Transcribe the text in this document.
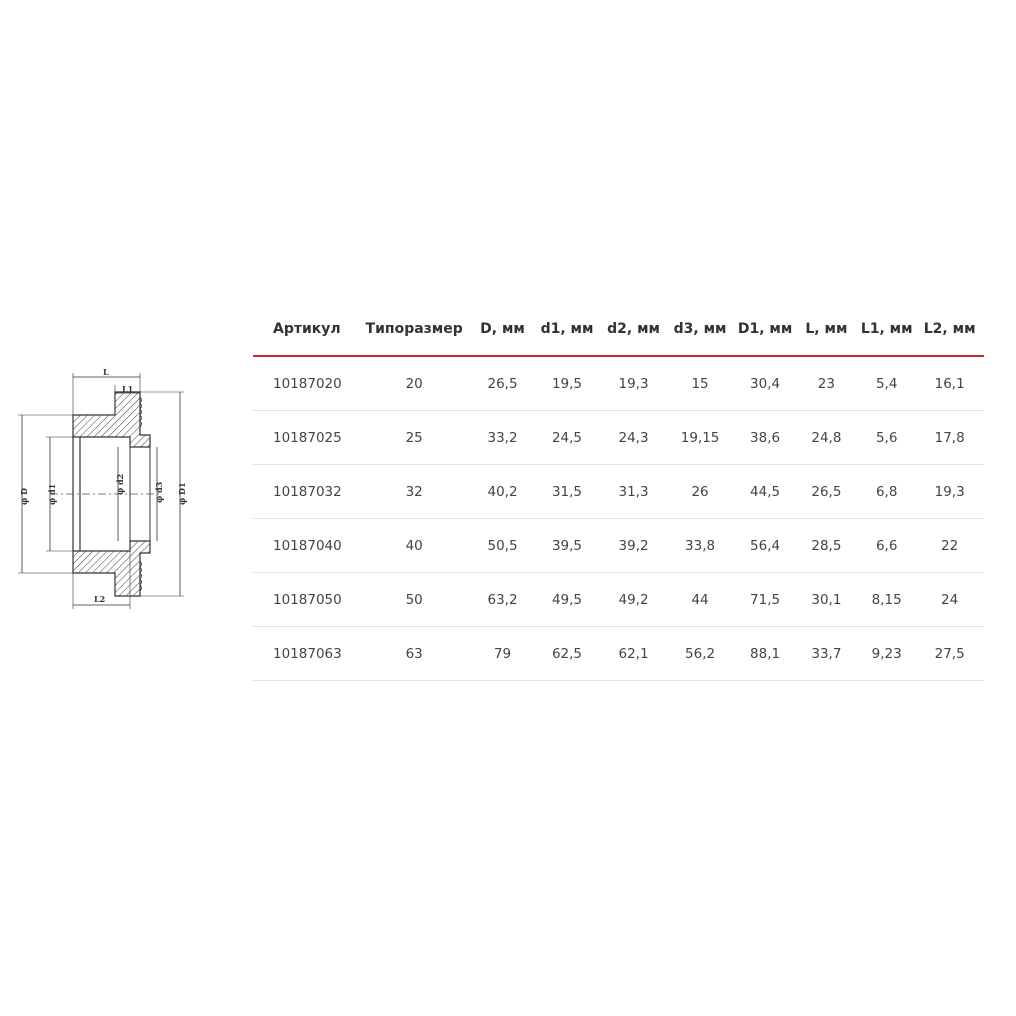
L
L1
L2
φ D φ d1	φ d2	φ d3 φ D1
Артикул	Типоразмер	D, мм	d1, мм	d2, мм	d3, мм	D1, мм	L, мм	L1, мм	L2, мм
10187020	20	26,5	19,5	19,3	15	30,4	23	5,4	16,1
10187025	25	33,2	24,5	24,3	19,15	38,6	24,8	5,6	17,8
10187032	32	40,2	31,5	31,3	26	44,5	26,5	6,8	19,3
10187040	40	50,5	39,5	39,2	33,8	56,4	28,5	6,6	22
10187050	50	63,2	49,5	49,2	44	71,5	30,1	8,15	24
10187063	63	79	62,5	62,1	56,2	88,1	33,7	9,23	27,5
